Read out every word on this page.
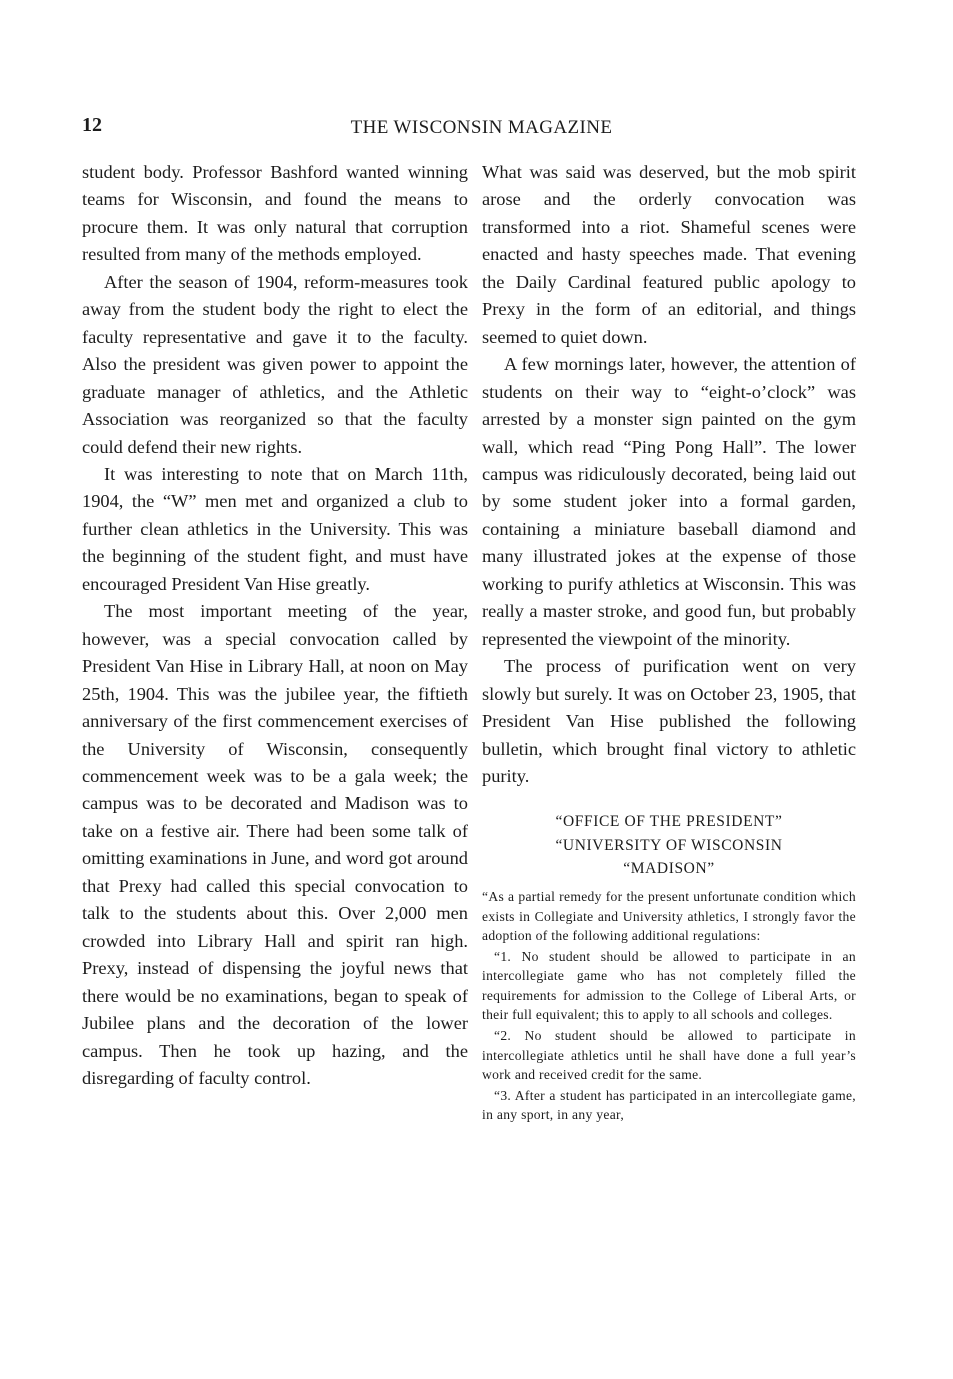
12	THE WISCONSIN MAGAZINE

student body. Professor Bashford wanted winning teams for Wisconsin, and found the means to procure them. It was only natural that corruption resulted from many of the methods employed.

After the season of 1904, reform-measures took away from the student body the right to elect the faculty representative and gave it to the faculty. Also the president was given power to appoint the graduate manager of athletics, and the Athletic Association was reorganized so that the faculty could defend their new rights.

It was interesting to note that on March 11th, 1904, the “W” men met and organized a club to further clean athletics in the University. This was the beginning of the student fight, and must have encouraged President Van Hise greatly.

The most important meeting of the year, however, was a special convocation called by President Van Hise in Library Hall, at noon on May 25th, 1904. This was the jubilee year, the fiftieth anniversary of the first commencement exercises of the University of Wisconsin, consequently commencement week was to be a gala week; the campus was to be decorated and Madison was to take on a festive air. There had been some talk of omitting examinations in June, and word got around that Prexy had called this special convocation to talk to the students about this. Over 2,000 men crowded into Library Hall and spirit ran high. Prexy, instead of dispensing the joyful news that there would be no examinations, began to speak of Jubilee plans and the decoration of the lower campus. Then he took up hazing, and the disregarding of faculty control.

What was said was deserved, but the mob spirit arose and the orderly convocation was transformed into a riot. Shameful scenes were enacted and hasty speeches made. That evening the Daily Cardinal featured public apology to Prexy in the form of an editorial, and things seemed to quiet down.

A few mornings later, however, the attention of students on their way to “eight-o’clock” was arrested by a monster sign painted on the gym wall, which read “Ping Pong Hall”. The lower campus was ridiculously decorated, being laid out by some student joker into a formal garden, containing a miniature baseball diamond and many illustrated jokes at the expense of those working to purify athletics at Wisconsin. This was really a master stroke, and good fun, but probably represented the viewpoint of the minority.

The process of purification went on very slowly but surely. It was on October 23, 1905, that President Van Hise published the following bulletin, which brought final victory to athletic purity.

“OFFICE OF THE PRESIDENT”
“UNIVERSITY OF WISCONSIN
“MADISON”

“As a partial remedy for the present unfortunate condition which exists in Collegiate and University athletics, I strongly favor the adoption of the following additional regulations:

“1. No student should be allowed to participate in an intercollegiate game who has not completely filled the requirements for admission to the College of Liberal Arts, or their full equivalent; this to apply to all schools and colleges.

“2. No student should be allowed to participate in intercollegiate athletics until he shall have done a full year’s work and received credit for the same.

“3. After a student has participated in an intercollegiate game, in any sport, in any year,
